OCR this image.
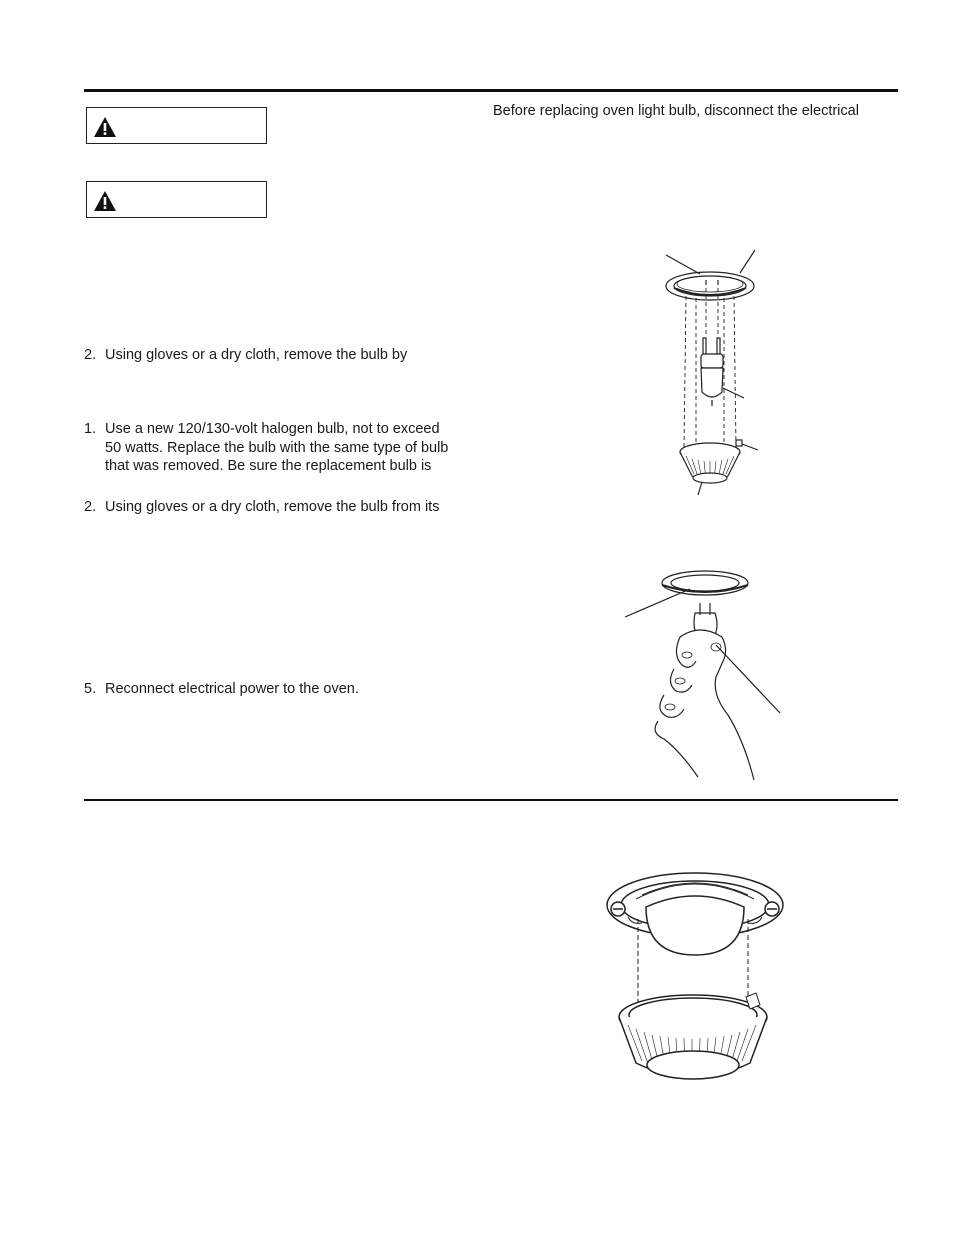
Before replacing oven light bulb, disconnect the electrical
2. Using gloves or a dry cloth, remove the bulb by
1. Use a new 120/130-volt halogen bulb, not to exceed
50 watts. Replace the bulb with the same type of bulb
that was removed. Be sure the replacement bulb is
2. Using gloves or a dry cloth, remove the bulb from its
5. Reconnect electrical power to the oven.
